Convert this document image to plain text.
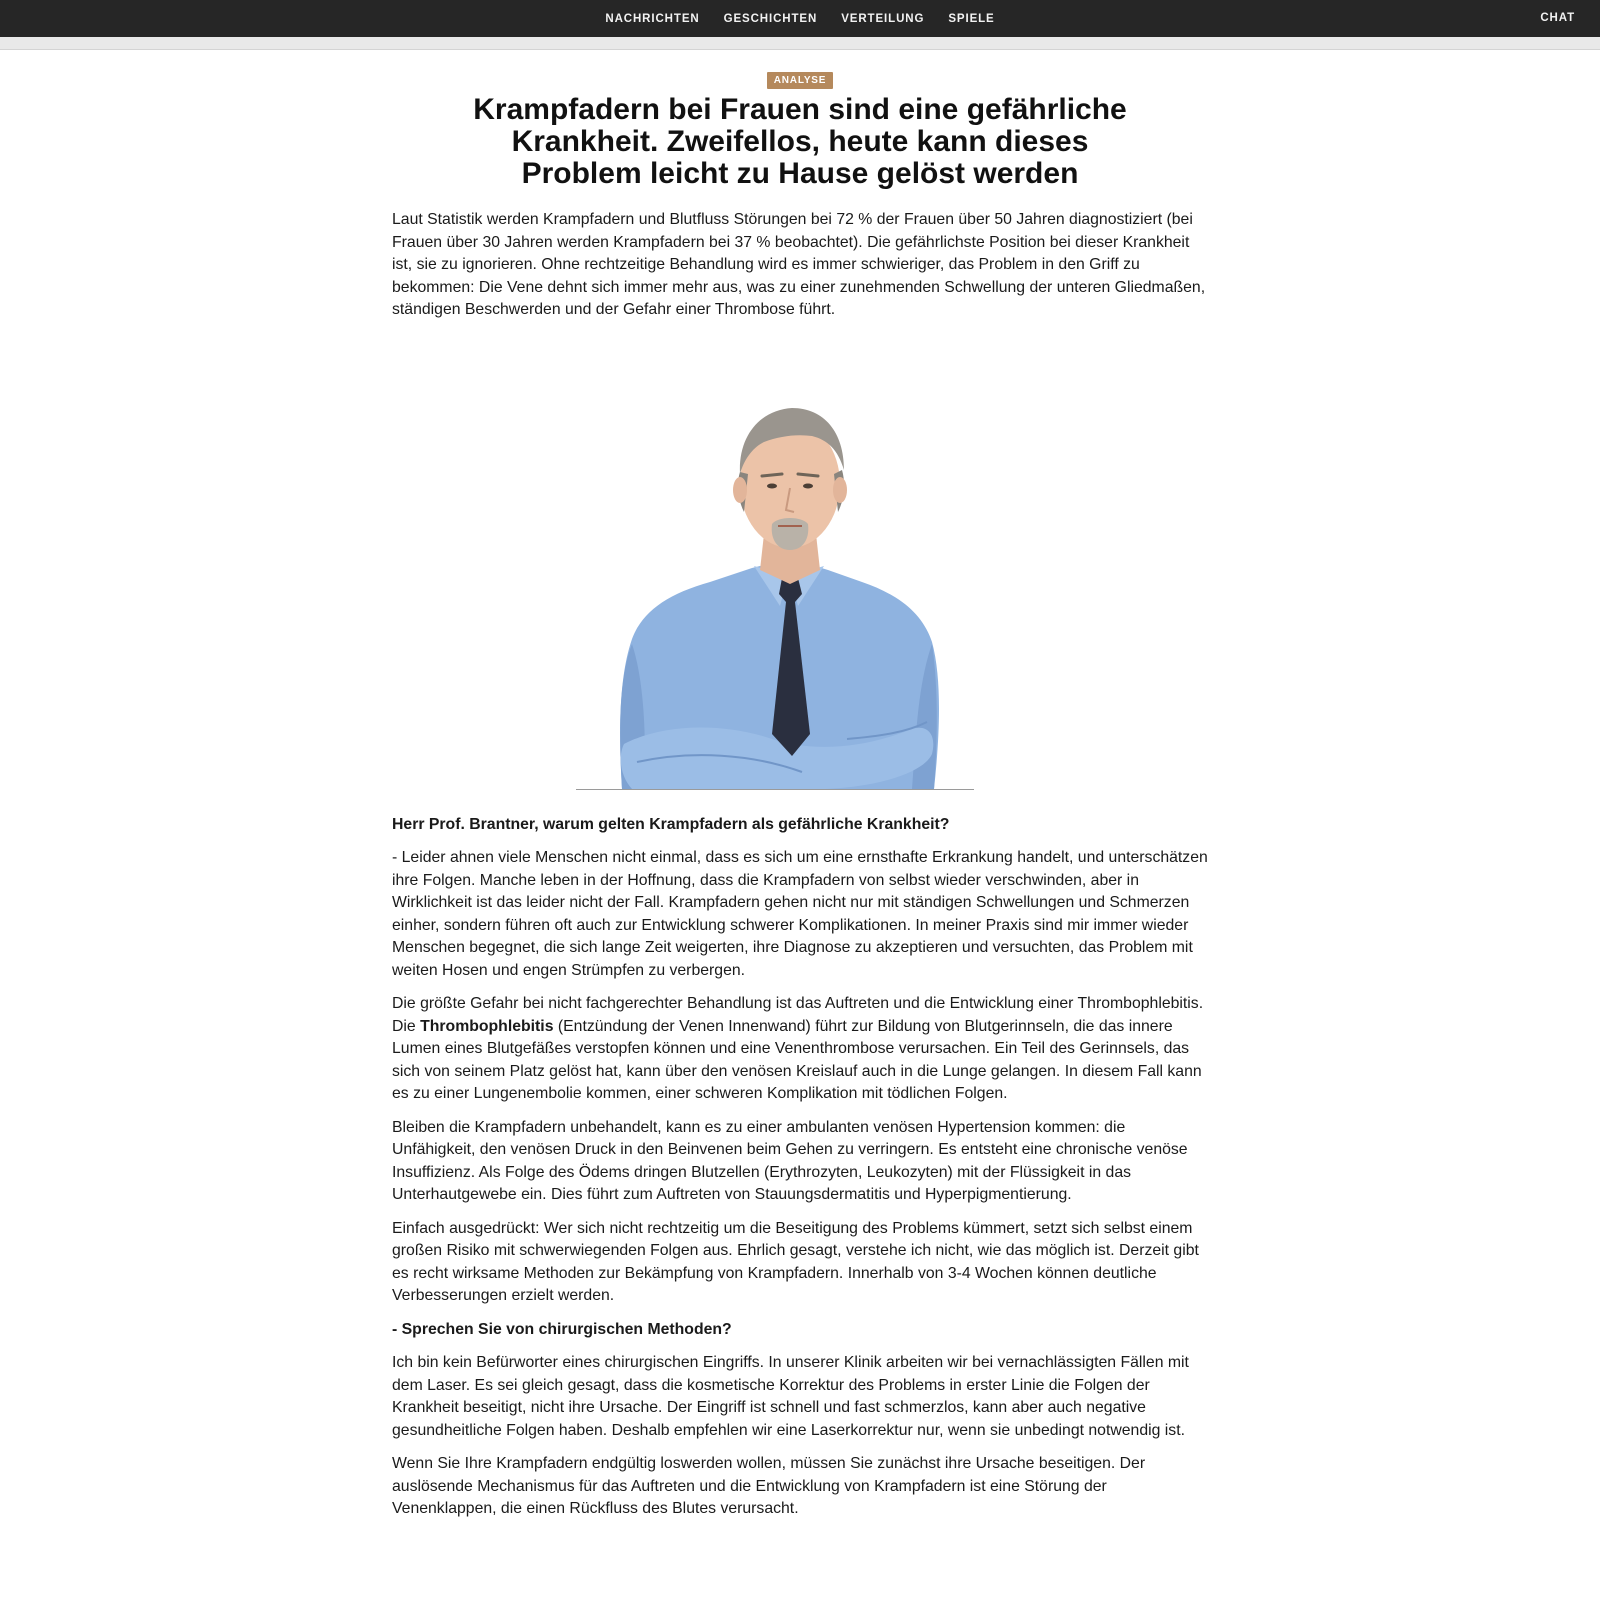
NACHRICHTEN GESCHICHTEN VERTEILUNG SPIELE	CHAT
ANALYSE
Krampfadern bei Frauen sind eine gefährliche Krankheit. Zweifellos, heute kann dieses Problem leicht zu Hause gelöst werden

Laut Statistik werden Krampfadern und Blutfluss Störungen bei 72 % der Frauen über 50 Jahren diagnostiziert (bei Frauen über 30 Jahren werden Krampfadern bei 37 % beobachtet). Die gefährlichste Position bei dieser Krankheit ist, sie zu ignorieren. Ohne rechtzeitige Behandlung wird es immer schwieriger, das Problem in den Griff zu bekommen: Die Vene dehnt sich immer mehr aus, was zu einer zunehmenden Schwellung der unteren Gliedmaßen, ständigen Beschwerden und der Gefahr einer Thrombose führt.

Herr Prof. Brantner, warum gelten Krampfadern als gefährliche Krankheit?

- Leider ahnen viele Menschen nicht einmal, dass es sich um eine ernsthafte Erkrankung handelt, und unterschätzen ihre Folgen. Manche leben in der Hoffnung, dass die Krampfadern von selbst wieder verschwinden, aber in Wirklichkeit ist das leider nicht der Fall. Krampfadern gehen nicht nur mit ständigen Schwellungen und Schmerzen einher, sondern führen oft auch zur Entwicklung schwerer Komplikationen. In meiner Praxis sind mir immer wieder Menschen begegnet, die sich lange Zeit weigerten, ihre Diagnose zu akzeptieren und versuchten, das Problem mit weiten Hosen und engen Strümpfen zu verbergen.

Die größte Gefahr bei nicht fachgerechter Behandlung ist das Auftreten und die Entwicklung einer Thrombophlebitis. Die Thrombophlebitis (Entzündung der Venen Innenwand) führt zur Bildung von Blutgerinnseln, die das innere Lumen eines Blutgefäßes verstopfen können und eine Venenthrombose verursachen. Ein Teil des Gerinnsels, das sich von seinem Platz gelöst hat, kann über den venösen Kreislauf auch in die Lunge gelangen. In diesem Fall kann es zu einer Lungenembolie kommen, einer schweren Komplikation mit tödlichen Folgen.

Bleiben die Krampfadern unbehandelt, kann es zu einer ambulanten venösen Hypertension kommen: die Unfähigkeit, den venösen Druck in den Beinvenen beim Gehen zu verringern. Es entsteht eine chronische venöse Insuffizienz. Als Folge des Ödems dringen Blutzellen (Erythrozyten, Leukozyten) mit der Flüssigkeit in das Unterhautgewebe ein. Dies führt zum Auftreten von Stauungsdermatitis und Hyperpigmentierung.

Einfach ausgedrückt: Wer sich nicht rechtzeitig um die Beseitigung des Problems kümmert, setzt sich selbst einem großen Risiko mit schwerwiegenden Folgen aus. Ehrlich gesagt, verstehe ich nicht, wie das möglich ist. Derzeit gibt es recht wirksame Methoden zur Bekämpfung von Krampfadern. Innerhalb von 3-4 Wochen können deutliche Verbesserungen erzielt werden.

- Sprechen Sie von chirurgischen Methoden?

Ich bin kein Befürworter eines chirurgischen Eingriffs. In unserer Klinik arbeiten wir bei vernachlässigten Fällen mit dem Laser. Es sei gleich gesagt, dass die kosmetische Korrektur des Problems in erster Linie die Folgen der Krankheit beseitigt, nicht ihre Ursache. Der Eingriff ist schnell und fast schmerzlos, kann aber auch negative gesundheitliche Folgen haben. Deshalb empfehlen wir eine Laserkorrektur nur, wenn sie unbedingt notwendig ist.

Wenn Sie Ihre Krampfadern endgültig loswerden wollen, müssen Sie zunächst ihre Ursache beseitigen. Der auslösende Mechanismus für das Auftreten und die Entwicklung von Krampfadern ist eine Störung der Venenklappen, die einen Rückfluss des Blutes verursacht.
